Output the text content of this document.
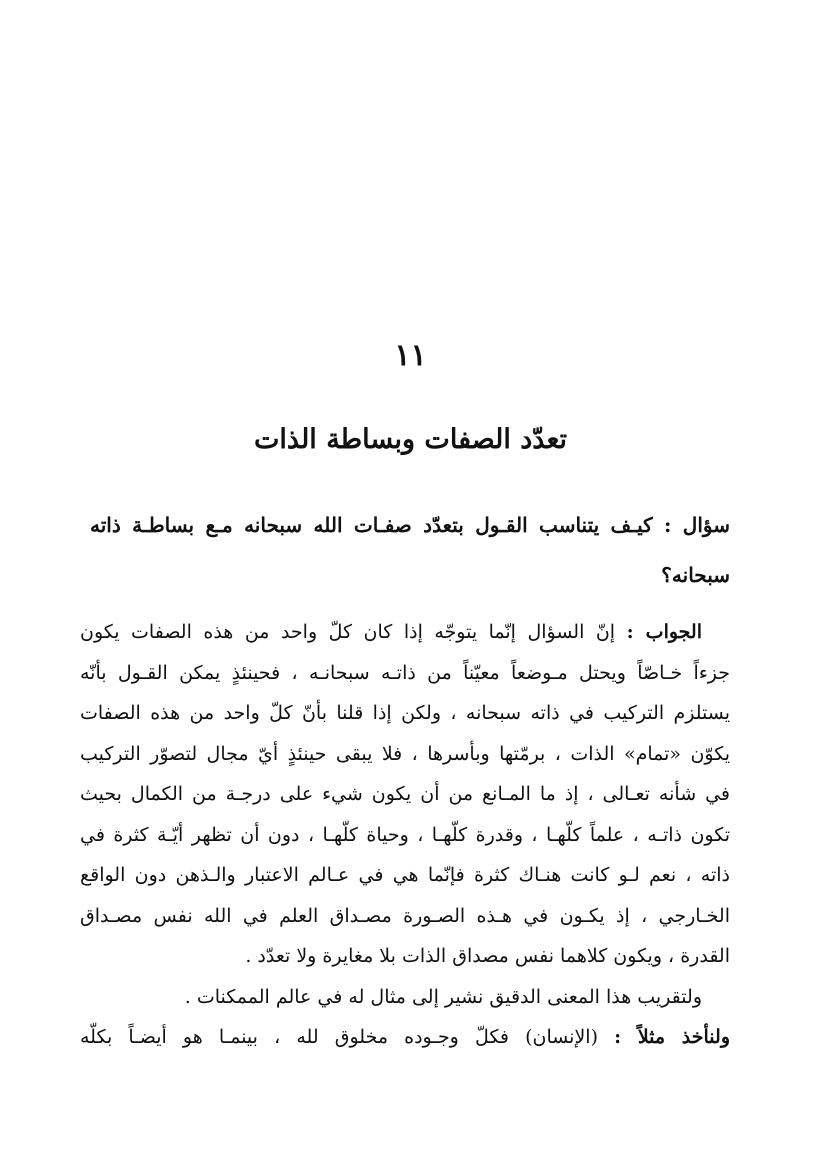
١١
تعدّد الصفات وبساطة الذات
سؤال : كيـف يتناسب القـول بتعدّد صفـات الله سبحانه مـع بساطـة ذاته
سبحانه؟
الجواب : إنّ السؤال إنّما يتوجّه إذا كان كلّ واحد من هذه الصفات يكون
جزءاً خـاصّاً ويحتل مـوضعاً معيّناً من ذاتـه سبحانـه ، فحينئذٍ يمكن القـول بأنّه
يستلزم التركيب في ذاته سبحانه ، ولكن إذا قلنا بأنّ كلّ واحد من هذه الصفات
يكوّن «تمام» الذات ، برمّتها وبأسرها ، فلا يبقى حينئذٍ أيّ مجال لتصوّر التركيب
في شأنه تعـالى ، إذ ما المـانع من أن يكون شيء على درجـة من الكمال بحيث
تكون ذاتـه ، علماً كلّهـا ، وقدرة كلّهـا ، وحياة كلّهـا ، دون أن تظهر أيّـة كثرة في
ذاته ، نعم لـو كانت هنـاك كثرة فإنّما هي في عـالم الاعتبار والـذهن دون الواقع
الخـارجي ، إذ يكـون في هـذه الصـورة مصـداق العلم في الله نفس مصـداق
القدرة ، ويكون كلاهما نفس مصداق الذات بلا مغايرة ولا تعدّد .
ولتقريب هذا المعنى الدقيق نشير إلى مثال له في عالم الممكنات .
ولنأخذ مثلاً : (الإنسان) فكلّ وجـوده مخلوق لله ، بينمـا هو أيضـاً بكلّه
